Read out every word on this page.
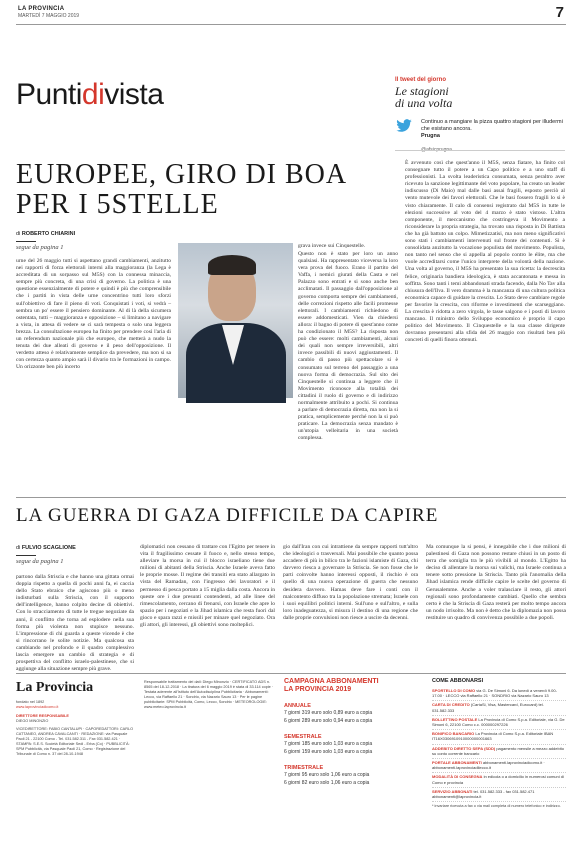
LA PROVINCIA
MARTEDÌ 7 MAGGIO 2019	7
Puntidivista	Il tweet del giorno
Le stagioni
di una volta
Continuo a mangiare la pizza quattro stagioni per illudermi che esistano ancora.
Prugna
EUROPEE, GIRO DI BOA
PER I 5STELLE
di ROBERTO CHIARINI
segue da pagina 1
urne del 26 maggio tutti si aspettano grandi cambiamenti, anzitutto nei rapporti di forza elettorali interni alla maggioranza (la Lega è accreditata di un sorpasso sul M5S) con la connessa minaccia, sempre più concreta, di una crisi di governo. La politica è una questione essenzialmente di potere e quindi è più che comprensibile che i partiti in vista delle urne concentrino tutti loro sforzi sull'obiettivo di fare il pieno di voti. Conquistati i voti, si vedrà – sembra un po' essere il pensiero dominante. Al di là della sicumera ostentata, tutti – maggioranza e opposizione – si limitano a navigare a vista, in attesa di vedere se ci sarà tempesta o solo una leggera brezza. La consultazione europea ha finito per prendere così l'aria di un referendum nazionale più che europeo, che metterà a nudo la tenuta dei due alleati di governo e il peso dell'opposizione. Il verdetto atteso è relativamente semplice da prevedere, ma non si sa con certezza quanto ampio sarà il divario tra le formazioni in campo. Un orizzonte ben più incerto
grava invece sui Cinquestelle.
Questo non è stato per loro un anno qualsiasi. Ha rappresentato viceversa la loro vera prova del fuoco. Erano il partito del Vaffa, i nemici giurati della Casta e nel Palazzo sono entrati e si sono anche ben acclimatati. Il passaggio dall'opposizione al governo comporta sempre dei cambiamenti, delle correzioni rispetto alle facili promesse elettorali. I cambiamenti richiedono di essere addomesticati. Vien da chiedersi allora: il bagno di potere di quest'anno come ha condizionato il M5S? La risposta non può che essere: molti cambiamenti, alcuni dei quali non sempre irreversibili, altri invece passibili di nuovi aggiustamenti. Il cambio di passo più spettacolare si è consumato sul terreno del passaggio a una nuova forma di democrazia. Sul sito dei Cinquestelle si continua a leggere che il Movimento riconosce alla totalità dei cittadini il ruolo di governo e di indirizzo normalmente attribuito a pochi. Si continua a parlare di democrazia diretta, ma non la si pratica, semplicemente perché non la si può praticare. La democrazia senza mandato è un'utopia velleitaria in una società complessa.
È avvenuto così che quest'anno il M5S, senza fiatare, ha finito col consegnare tutto il potere a un Capo politico e a uno staff di professionisti. La svolta leaderistica consumata, senza peraltro aver ricevuto la sanzione legittimante del voto popolare, ha creato un leader indiscusso (Di Maio) mal dalle basi assai fragili, esposto perciò al vento mutevole dei favori elettorali. Che le basi fossero fragili lo si è visto chiaramente. Il calo di consensi registrato dal M5S in tutte le elezioni successive al voto del 4 marzo è stato vistoso. L'altra componente, il meccanismo che costringeva il Movimento a riconsiderare la propria strategia, ha trovato una risposta in Di Battista che ha già battuto un colpo. Mimetizzatisi, ma non meno significativi sono stati i cambiamenti intervenuti sul fronte dei contenuti. Si è consolidata anzitutto la vocazione populista del movimento. Populista, non tanto nel senso che si appella al popolo contro le élite, ma che vuole accreditarsi come l'unico interprete della volontà della nazione. Una volta al governo, il M5S ha presentato la sua ricetta: la decrescita felice, originaria bandiera ideologica, è stata accantonata e messa in soffitta. Sono tanti i temi abbandonati strada facendo, dalla No Tav alla chiusura dell'Ilva. Il vero dramma è la mancanza di una cultura politica economica capace di guidare la crescita. Lo Stato deve cambiare regole per favorire la crescita, con riforme e investimenti che scarseggiano. La crescita è ridotta a zero virgola, le tasse salgono e i posti di lavoro mancano. Il ministro dello Sviluppo economico è proprio il capo politico del Movimento. Il Cinquestelle e la sua classe dirigente dovranno presentarsi alla sfida del 26 maggio con risultati ben più concreti di quelli finora ottenuti.
LA GUERRA DI GAZA DIFFICILE DA CAPIRE
di FULVIO SCAGLIONE
segue da pagina 1
partono dalla Striscia e che hanno una gittata ormai doppia rispetto a quella di pochi anni fa, ei caccia dello Stato ebraico che agiscono più o meno indisturbati sulla Striscia, con il supporto dell'intelligence, hanno colpito decine di obiettivi. Con lo stracciamento di tutte le tregue negoziate da anni, il conflitto che torna ad esplodere nella sua forma più violenta non stupisce nessuno. L'impressione di chi guarda a queste vicende è che si rincorrano le solite notizie. Ma qualcosa sta cambiando nel profondo e il quadro complessivo lascia emergere un cambio di strategia e di prospettiva del conflitto israelo-palestinese, che si aggiunge alla situazione sempre più grave.
diplomatici non cessano di trattare con l'Egitto per tenere in vita il fragilissimo cessate il fuoco e, nello stesso tempo, alleviare la morsa in cui il blocco israeliano tiene due milioni di abitanti della Striscia. Anche Israele aveva fatto le proprie mosse. Il regime dei transiti era stato allargato in vista del Ramadan, con l'ingresso dei lavoratori e il permesso di pesca portato a 15 miglia dalla costa. Ancora in queste ore i due presunti contendenti, ad alle linee del rimescolamento, cercano di frenarsi, con Israele che apre lo spazio per i negoziati e la Jihad islamica che resta fuori dal gioco e spara razzi e missili per minare quel negoziato. Ora gli attori, gli interessi, gli obiettivi sono molteplici.
gio dall'Iran con cui intrattiene da sempre rapporti tutt'altro che ideologici o trasversali. Mai possibile che quanto possa accadere di più in bilico tra le fazioni islamiste di Gaza, chi davvero riesca a governare la Striscia. Se non fosse che le parti coinvolte hanno interessi opposti, il rischio è ora quello di una nuova operazione di guerra che nessuno desidera davvero. Hamas deve fare i conti con il malcontento diffuso tra la popolazione stremata; Israele con i suoi equilibri politici interni. Sull'uno e sull'altro, e sulla loro inadeguatezza, si misura il destino di una regione che dalle proprie convulsioni non riesce a uscire da decenni.
Ma comunque la si pensi, è innegabile che i due milioni di palestinesi di Gaza non possono restare chiusi in un posto di terra che somiglia tra le più vivibili al mondo. L'Egitto ha deciso di allentare la morsa sui valichi, ma Israele continua a tenere sotto pressione la Striscia. Tanto più l'anomalia della Jihad islamica rende difficile capire le scelte del governo di Gerusalemme. Anche a voler tralasciare il resto, gli attori regionali sono profondamente cambiati. Quello che sembra certo è che la Striscia di Gaza resterà per molto tempo ancora un nodo irrisolto. Ma non è detto che la diplomazia non possa restituire un quadro di convivenza possibile a due popoli.
La Provincia
fondato nel 1892
www.laprovinciadicomo.it
DIRETTORE RESPONSABILE
DIEGO MINONZIO
VICEDIRETTORE: FABIO CANTALUPI · CAPOREDATTORI: CARLO CATTANEO, ANDREA CAVALCANTI · REDAZIONE: via Pasquale Paoli 21 - 22100 Como - Tel. 031.582.311 - Fax 031.582.421 · STAMPA: S.E.S. Società Editoriale Sedi - Erba (Co) · PUBBLICITÀ: SPM Pubblicità, via Pasquale Paoli 21, Como · Registrazione del Tribunale di Como n. 37 del 28-10-1948
Responsabile trattamento dei dati: Diego Minonzio · CERTIFICATO ADS n. 8565 del 18-12-2018 · La tiratura del 6 maggio 2019 è stata di 33.114 copie · Testata aderente all'Istituto dell'Autodisciplina Pubblicitaria · Abbonamenti: Lecco, via Raffaello 21 · Sondrio, via Nazario Sauro 13 · Per le pagine pubblicitarie: SPM Pubblicità, Como, Lecco, Sondrio · METEOROLOGIE: www.meteo.laprovincia.it
CAMPAGNA ABBONAMENTI
LA PROVINCIA 2019
ANNUALE
7 giorni 319 euro solo 0,89 euro a copia
6 giorni 289 euro solo 0,94 euro a copia
SEMESTRALE
7 giorni 185 euro solo 1,03 euro a copia
6 giorni 159 euro solo 1,03 euro a copia
TRIMESTRALE
7 giorni 95 euro solo 1,06 euro a copia
6 giorni 82 euro solo 1,06 euro a copia
COME ABBONARSI
SPORTELLO DI COMO via G. De Simoni 6. Da lunedì a venerdì 9.00-17.00 · LECCO via Raffaello 21 · SONDRIO via Nazario Sauro 13
CARTA DI CREDITO (CartaSi, Visa, Mastercard, Eurocard) tel. 031.582.333
BOLLETTINO POSTALE La Provincia di Como S.p.a. Editoriale, via G. De Simoni 6, 22100 Como c.c. 000000297226
BONIFICO BANCARIO La Provincia di Como S.p.a. Editoriale IBAN IT16X0306910910000000001663
ADDEBITO DIRETTO SEPA (SDD) pagamento mensile a mezzo addebito su conto corrente bancario
PORTALE ABBONAMENTI abbonamenti.laprovinciadicomo.it · abbonamenti.laprovinciadilecco.it
MODALITÀ DI CONSEGNA in edicola o a domicilio in numerosi comuni di Como e provincia
SERVIZIO ABBONATI tel. 031.582.333 - fax 031.582.471 abbonamenti@laprovincia.it
* invariare ricevuta a fax o via mail completa di numero telefonico e indirizzo.
